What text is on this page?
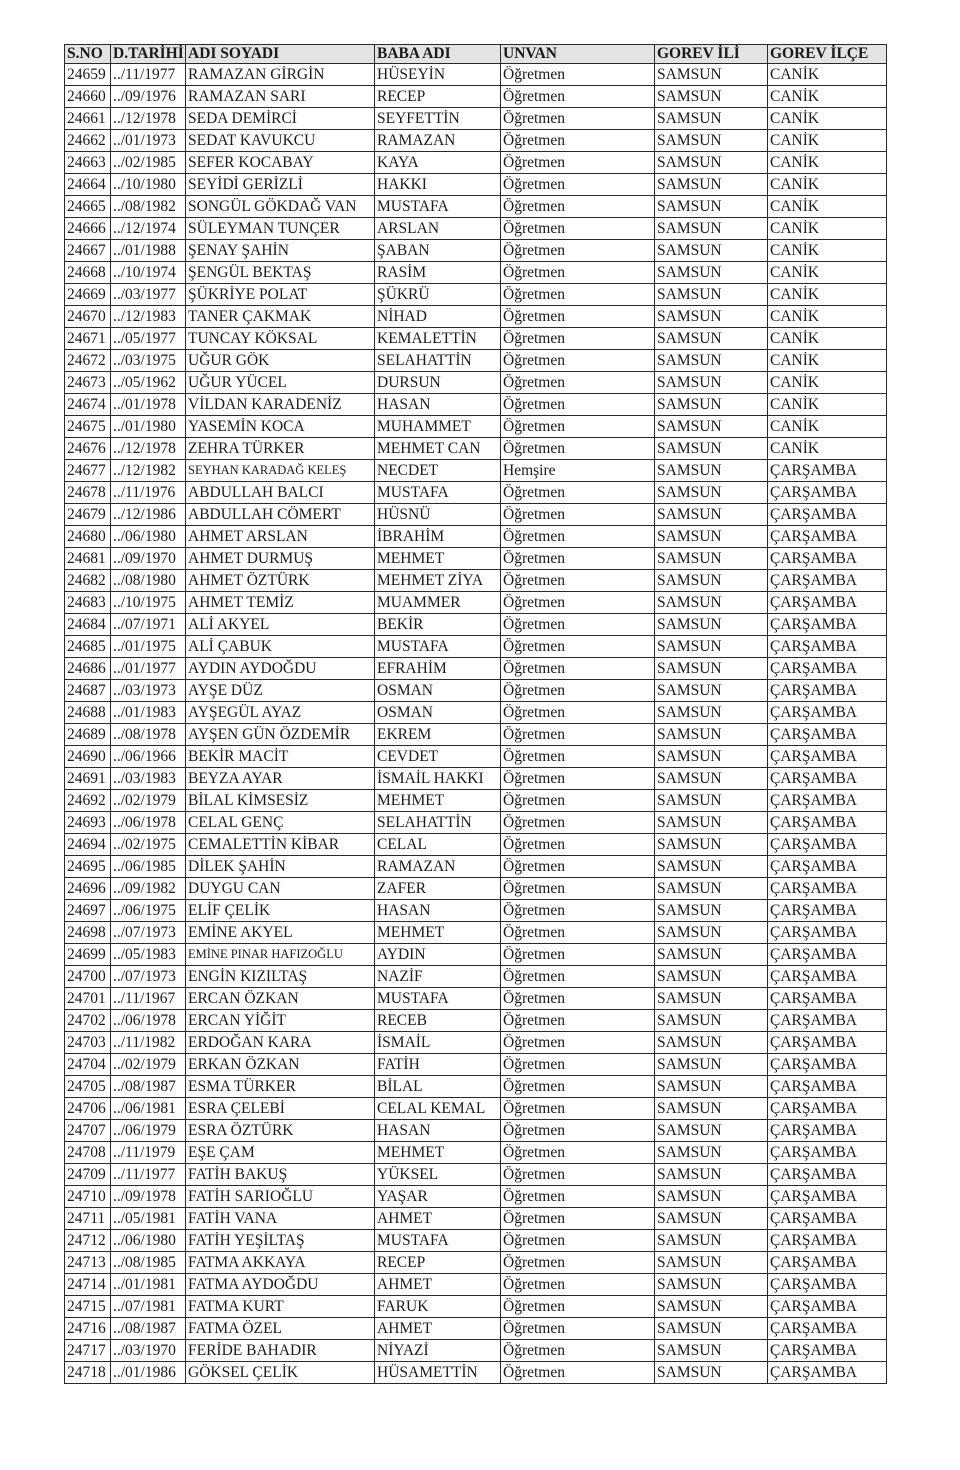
S.NO	D.TARİHİ	ADI SOYADI	BABA ADI	UNVAN	GOREV İLİ	GOREV İLÇE
24659	../11/1977	RAMAZAN GİRGİN	HÜSEYİN	Öğretmen	SAMSUN	CANİK
24660	../09/1976	RAMAZAN SARI	RECEP	Öğretmen	SAMSUN	CANİK
24661	../12/1978	SEDA DEMİRCİ	SEYFETTİN	Öğretmen	SAMSUN	CANİK
24662	../01/1973	SEDAT KAVUKCU	RAMAZAN	Öğretmen	SAMSUN	CANİK
24663	../02/1985	SEFER KOCABAY	KAYA	Öğretmen	SAMSUN	CANİK
24664	../10/1980	SEYİDİ GERİZLİ	HAKKI	Öğretmen	SAMSUN	CANİK
24665	../08/1982	SONGÜL GÖKDAĞ VAN	MUSTAFA	Öğretmen	SAMSUN	CANİK
24666	../12/1974	SÜLEYMAN TUNÇER	ARSLAN	Öğretmen	SAMSUN	CANİK
24667	../01/1988	ŞENAY ŞAHİN	ŞABAN	Öğretmen	SAMSUN	CANİK
24668	../10/1974	ŞENGÜL BEKTAŞ	RASİM	Öğretmen	SAMSUN	CANİK
24669	../03/1977	ŞÜKRİYE POLAT	ŞÜKRÜ	Öğretmen	SAMSUN	CANİK
24670	../12/1983	TANER ÇAKMAK	NİHAD	Öğretmen	SAMSUN	CANİK
24671	../05/1977	TUNCAY KÖKSAL	KEMALETTİN	Öğretmen	SAMSUN	CANİK
24672	../03/1975	UĞUR GÖK	SELAHATTİN	Öğretmen	SAMSUN	CANİK
24673	../05/1962	UĞUR YÜCEL	DURSUN	Öğretmen	SAMSUN	CANİK
24674	../01/1978	VİLDAN KARADENİZ	HASAN	Öğretmen	SAMSUN	CANİK
24675	../01/1980	YASEMİN KOCA	MUHAMMET	Öğretmen	SAMSUN	CANİK
24676	../12/1978	ZEHRA TÜRKER	MEHMET CAN	Öğretmen	SAMSUN	CANİK
24677	../12/1982	SEYHAN KARADAĞ KELEŞ	NECDET	Hemşire	SAMSUN	ÇARŞAMBA
24678	../11/1976	ABDULLAH BALCI	MUSTAFA	Öğretmen	SAMSUN	ÇARŞAMBA
24679	../12/1986	ABDULLAH CÖMERT	HÜSNÜ	Öğretmen	SAMSUN	ÇARŞAMBA
24680	../06/1980	AHMET ARSLAN	İBRAHİM	Öğretmen	SAMSUN	ÇARŞAMBA
24681	../09/1970	AHMET DURMUŞ	MEHMET	Öğretmen	SAMSUN	ÇARŞAMBA
24682	../08/1980	AHMET ÖZTÜRK	MEHMET ZİYA	Öğretmen	SAMSUN	ÇARŞAMBA
24683	../10/1975	AHMET TEMİZ	MUAMMER	Öğretmen	SAMSUN	ÇARŞAMBA
24684	../07/1971	ALİ AKYEL	BEKİR	Öğretmen	SAMSUN	ÇARŞAMBA
24685	../01/1975	ALİ ÇABUK	MUSTAFA	Öğretmen	SAMSUN	ÇARŞAMBA
24686	../01/1977	AYDIN AYDOĞDU	EFRAHİM	Öğretmen	SAMSUN	ÇARŞAMBA
24687	../03/1973	AYŞE DÜZ	OSMAN	Öğretmen	SAMSUN	ÇARŞAMBA
24688	../01/1983	AYŞEGÜL AYAZ	OSMAN	Öğretmen	SAMSUN	ÇARŞAMBA
24689	../08/1978	AYŞEN GÜN ÖZDEMİR	EKREM	Öğretmen	SAMSUN	ÇARŞAMBA
24690	../06/1966	BEKİR MACİT	CEVDET	Öğretmen	SAMSUN	ÇARŞAMBA
24691	../03/1983	BEYZA AYAR	İSMAİL HAKKI	Öğretmen	SAMSUN	ÇARŞAMBA
24692	../02/1979	BİLAL KİMSESİZ	MEHMET	Öğretmen	SAMSUN	ÇARŞAMBA
24693	../06/1978	CELAL GENÇ	SELAHATTİN	Öğretmen	SAMSUN	ÇARŞAMBA
24694	../02/1975	CEMALETTİN KİBAR	CELAL	Öğretmen	SAMSUN	ÇARŞAMBA
24695	../06/1985	DİLEK ŞAHİN	RAMAZAN	Öğretmen	SAMSUN	ÇARŞAMBA
24696	../09/1982	DUYGU CAN	ZAFER	Öğretmen	SAMSUN	ÇARŞAMBA
24697	../06/1975	ELİF ÇELİK	HASAN	Öğretmen	SAMSUN	ÇARŞAMBA
24698	../07/1973	EMİNE AKYEL	MEHMET	Öğretmen	SAMSUN	ÇARŞAMBA
24699	../05/1983	EMİNE PINAR HAFIZOĞLU	AYDIN	Öğretmen	SAMSUN	ÇARŞAMBA
24700	../07/1973	ENGİN KIZILTAŞ	NAZİF	Öğretmen	SAMSUN	ÇARŞAMBA
24701	../11/1967	ERCAN ÖZKAN	MUSTAFA	Öğretmen	SAMSUN	ÇARŞAMBA
24702	../06/1978	ERCAN YİĞİT	RECEB	Öğretmen	SAMSUN	ÇARŞAMBA
24703	../11/1982	ERDOĞAN KARA	İSMAİL	Öğretmen	SAMSUN	ÇARŞAMBA
24704	../02/1979	ERKAN ÖZKAN	FATİH	Öğretmen	SAMSUN	ÇARŞAMBA
24705	../08/1987	ESMA TÜRKER	BİLAL	Öğretmen	SAMSUN	ÇARŞAMBA
24706	../06/1981	ESRA ÇELEBİ	CELAL KEMAL	Öğretmen	SAMSUN	ÇARŞAMBA
24707	../06/1979	ESRA ÖZTÜRK	HASAN	Öğretmen	SAMSUN	ÇARŞAMBA
24708	../11/1979	EŞE ÇAM	MEHMET	Öğretmen	SAMSUN	ÇARŞAMBA
24709	../11/1977	FATİH BAKUŞ	YÜKSEL	Öğretmen	SAMSUN	ÇARŞAMBA
24710	../09/1978	FATİH SARIOĞLU	YAŞAR	Öğretmen	SAMSUN	ÇARŞAMBA
24711	../05/1981	FATİH VANA	AHMET	Öğretmen	SAMSUN	ÇARŞAMBA
24712	../06/1980	FATİH YEŞİLTAŞ	MUSTAFA	Öğretmen	SAMSUN	ÇARŞAMBA
24713	../08/1985	FATMA AKKAYA	RECEP	Öğretmen	SAMSUN	ÇARŞAMBA
24714	../01/1981	FATMA AYDOĞDU	AHMET	Öğretmen	SAMSUN	ÇARŞAMBA
24715	../07/1981	FATMA KURT	FARUK	Öğretmen	SAMSUN	ÇARŞAMBA
24716	../08/1987	FATMA ÖZEL	AHMET	Öğretmen	SAMSUN	ÇARŞAMBA
24717	../03/1970	FERİDE BAHADIR	NİYAZİ	Öğretmen	SAMSUN	ÇARŞAMBA
24718	../01/1986	GÖKSEL ÇELİK	HÜSAMETTİN	Öğretmen	SAMSUN	ÇARŞAMBA
